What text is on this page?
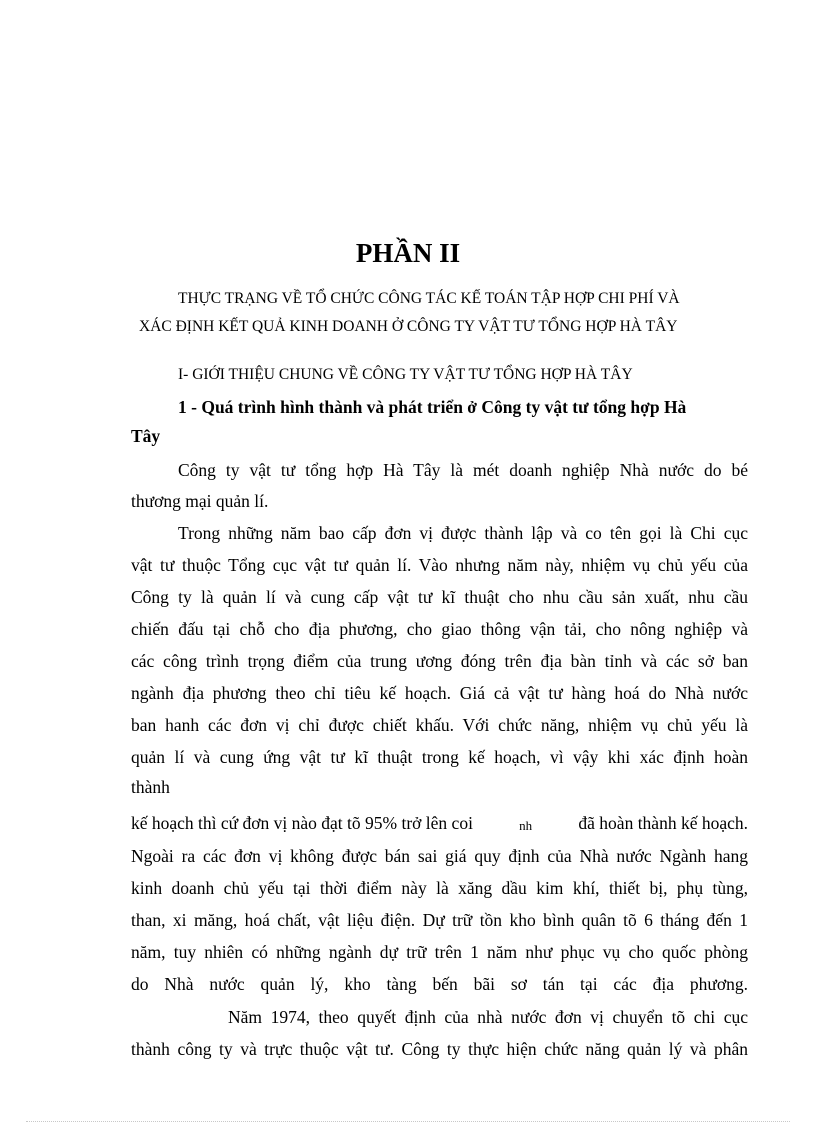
PHẦN II
THỰC TRẠNG VỀ TỔ CHỨC CÔNG TÁC KẾ TOÁN TẬP HỢP CHI PHÍ VÀ
XÁC ĐỊNH KẾT QUẢ KINH DOANH Ở CÔNG TY VẬT TƯ TỔNG HỢP HÀ TÂY
I- GIỚI THIỆU CHUNG VỀ CÔNG TY VẬT TƯ TỔNG HỢP HÀ TÂY
1 - Quá trình hình thành và phát triển ở Công ty vật tư tổng hợp Hà
Tây
Công ty vật tư tổng hợp Hà Tây là mét doanh nghiệp Nhà nước do bé
thương mại quản lí.
Trong những năm bao cấp đơn vị được thành lập và co tên gọi là Chi cục
vật tư thuộc Tổng cục vật tư quản lí. Vào nhưng năm này, nhiệm vụ chủ yếu của
Công ty là quản lí và cung cấp vật tư kĩ thuật cho nhu cầu sản xuất, nhu cầu
chiến đấu tại chỗ cho địa phương, cho giao thông vận tải, cho nông nghiệp và
các công trình trọng điểm của trung ương đóng trên địa bàn tỉnh và các sở ban
ngành địa phương theo chỉ tiêu kế hoạch. Giá cả vật tư hàng hoá do Nhà nước
ban hanh các đơn vị chỉ được chiết khấu. Với chức năng, nhiệm vụ chủ yếu là
quản lí và cung ứng vật tư kĩ thuật trong kế hoạch, vì vậy khi xác định hoàn
thành
kế hoạch thì cứ đơn vị nào đạt tõ 95% trở lên coi	nh	đã hoàn thành kế hoạch.
Ngoài ra các đơn vị không được bán sai giá quy định của Nhà nước Ngành hang
kinh doanh chủ yếu tại thời điểm này là xăng dầu kim khí, thiết bị, phụ tùng,
than, xi măng, hoá chất, vật liệu điện. Dự trữ tồn kho bình quân tõ 6 tháng đến 1
năm, tuy nhiên có những ngành dự trữ trên 1 năm như phục vụ cho quốc phòng
do Nhà nước quản lý, kho tàng bến bãi sơ tán tại các địa phương.
Năm 1974, theo quyết định của nhà nước đơn vị chuyển tõ chi cục
thành công ty và trực thuộc vật tư. Công ty thực hiện chức năng quản lý và phân
